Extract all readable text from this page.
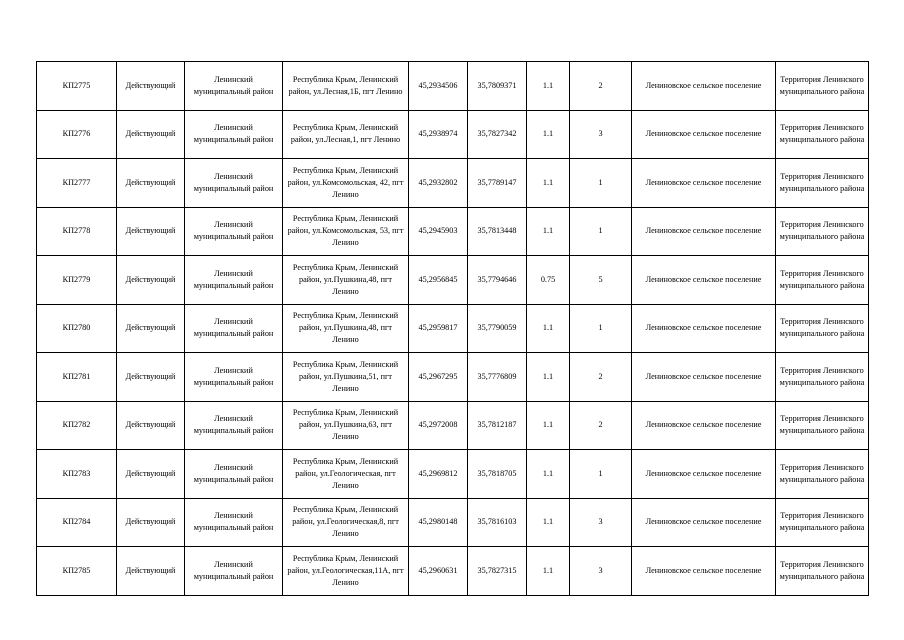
КП2775	Действующий	Ленинский муниципальный район	Республика Крым, Ленинский район, ул.Лесная,1Б, пгт Ленино	45,2934506	35,7809371	1.1	2	Лениновское сельское поселение	Территория Ленинского муниципального района
КП2776	Действующий	Ленинский муниципальный район	Республика Крым, Ленинский район, ул.Лесная,1, пгт Ленино	45,2938974	35,7827342	1.1	3	Лениновское сельское поселение	Территория Ленинского муниципального района
КП2777	Действующий	Ленинский муниципальный район	Республика Крым, Ленинский район, ул.Комсомольская, 42, пгт Ленино	45,2932802	35,7789147	1.1	1	Лениновское сельское поселение	Территория Ленинского муниципального района
КП2778	Действующий	Ленинский муниципальный район	Республика Крым, Ленинский район, ул.Комсомольская, 53, пгт Ленино	45,2945903	35,7813448	1.1	1	Лениновское сельское поселение	Территория Ленинского муниципального района
КП2779	Действующий	Ленинский муниципальный район	Республика Крым, Ленинский район, ул.Пушкина,48, пгт Ленино	45,2956845	35,7794646	0.75	5	Лениновское сельское поселение	Территория Ленинского муниципального района
КП2780	Действующий	Ленинский муниципальный район	Республика Крым, Ленинский район, ул.Пушкина,48, пгт Ленино	45,2959817	35,7790059	1.1	1	Лениновское сельское поселение	Территория Ленинского муниципального района
КП2781	Действующий	Ленинский муниципальный район	Республика Крым, Ленинский район, ул.Пушкина,51, пгт Ленино	45,2967295	35,7776809	1.1	2	Лениновское сельское поселение	Территория Ленинского муниципального района
КП2782	Действующий	Ленинский муниципальный район	Республика Крым, Ленинский район, ул.Пушкина,63, пгт Ленино	45,2972008	35,7812187	1.1	2	Лениновское сельское поселение	Территория Ленинского муниципального района
КП2783	Действующий	Ленинский муниципальный район	Республика Крым, Ленинский район, ул.Геологическая, пгт Ленино	45,2969812	35,7818705	1.1	1	Лениновское сельское поселение	Территория Ленинского муниципального района
КП2784	Действующий	Ленинский муниципальный район	Республика Крым, Ленинский район, ул.Геологическая,8, пгт Ленино	45,2980148	35,7816103	1.1	3	Лениновское сельское поселение	Территория Ленинского муниципального района
КП2785	Действующий	Ленинский муниципальный район	Республика Крым, Ленинский район, ул.Геологическая,11А, пгт Ленино	45,2960631	35,7827315	1.1	3	Лениновское сельское поселение	Территория Ленинского муниципального района
